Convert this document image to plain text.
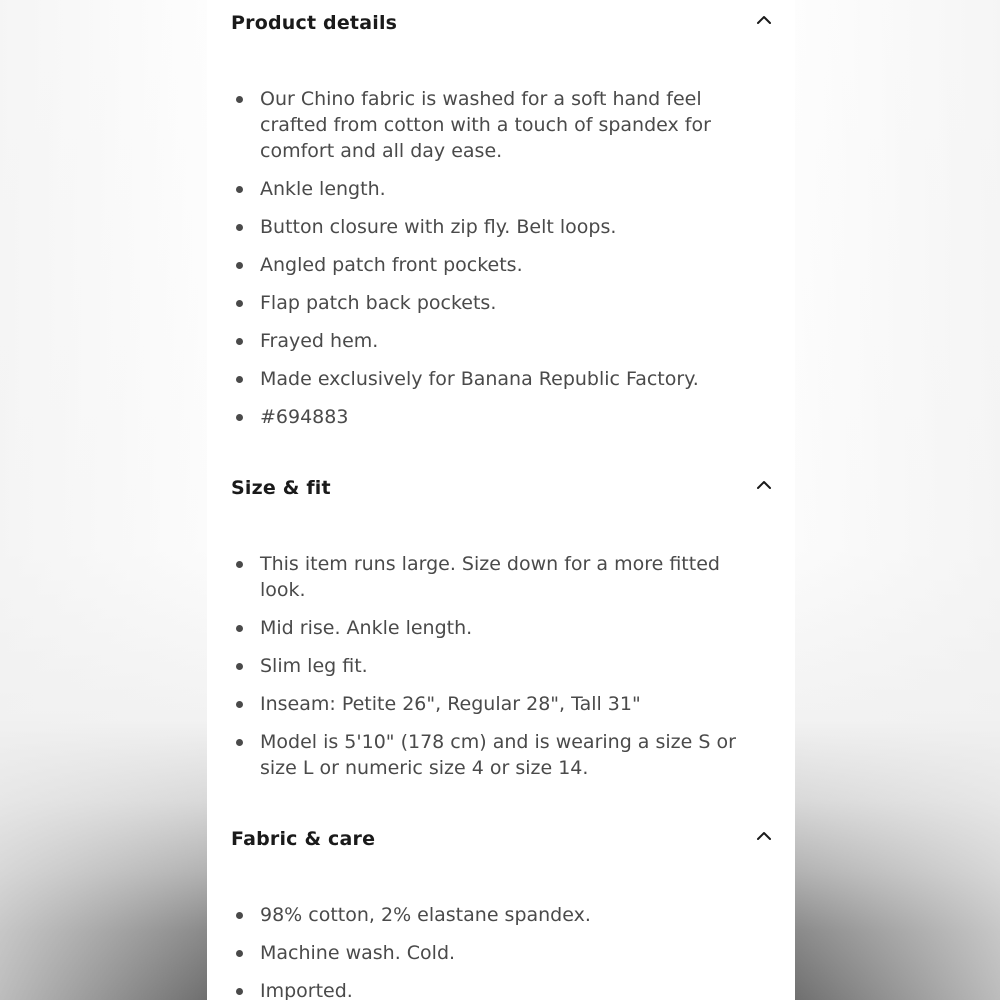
Product details
Our Chino fabric is washed for a soft hand feel crafted from cotton with a touch of spandex for comfort and all day ease.
Ankle length.
Button closure with zip fly. Belt loops.
Angled patch front pockets.
Flap patch back pockets.
Frayed hem.
Made exclusively for Banana Republic Factory.
#694883
Size & fit
This item runs large. Size down for a more fitted look.
Mid rise. Ankle length.
Slim leg fit.
Inseam: Petite 26", Regular 28", Tall 31"
Model is 5'10" (178 cm) and is wearing a size S or size L or numeric size 4 or size 14.
Fabric & care
98% cotton, 2% elastane spandex.
Machine wash. Cold.
Imported.
